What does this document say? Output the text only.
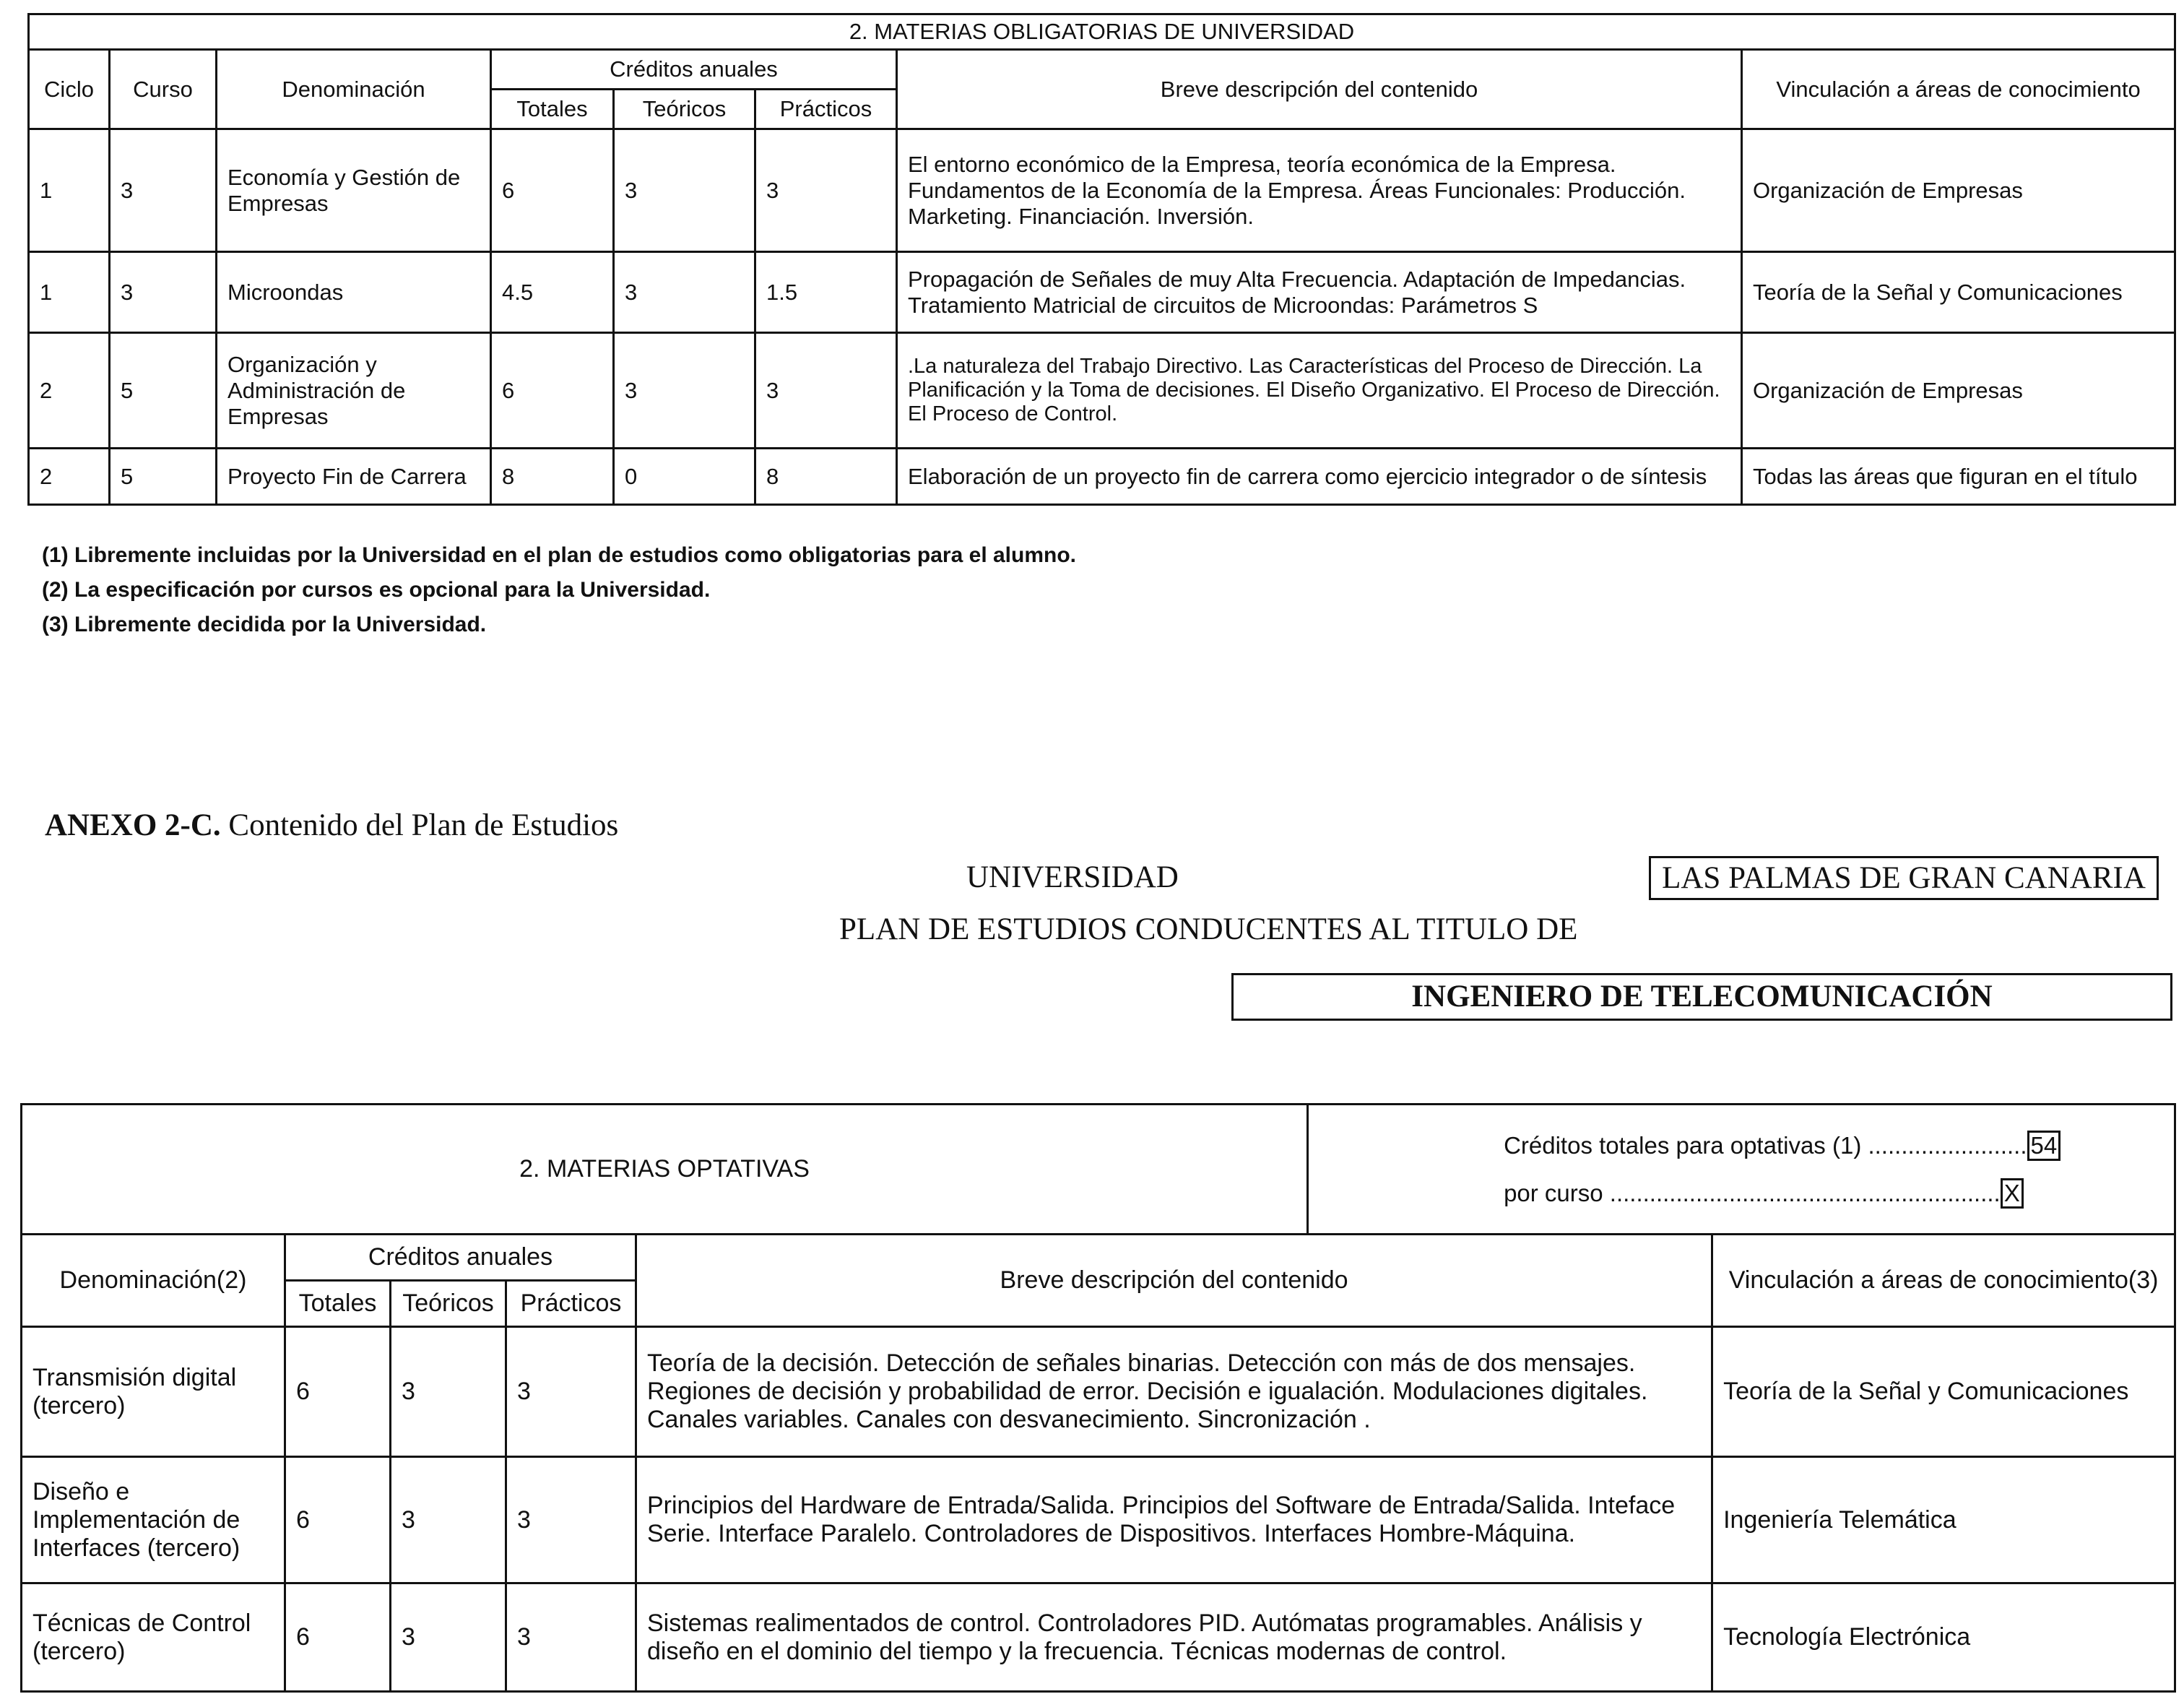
2. MATERIAS OBLIGATORIAS DE UNIVERSIDAD							
Ciclo	Curso	Denominación	Créditos anuales			Breve descripción del contenido	Vinculación a áreas de conocimiento
			Totales	Teóricos	Prácticos		
1	3	Economía y Gestión de Empresas	6	3	3	El entorno económico de la Empresa, teoría económica de la Empresa. Fundamentos de la Economía de la Empresa. Áreas Funcionales: Producción. Marketing. Financiación. Inversión.	Organización de Empresas
1	3	Microondas	4.5	3	1.5	Propagación de Señales de muy Alta Frecuencia. Adaptación de Impedancias. Tratamiento Matricial de circuitos de Microondas: Parámetros S	Teoría de la Señal y Comunicaciones
2	5	Organización y Administración de Empresas	6	3	3	.La naturaleza del Trabajo Directivo. Las Características del Proceso de Dirección. La Planificación y la Toma de decisiones. El Diseño Organizativo. El Proceso de Dirección. El Proceso de Control.	Organización de Empresas
2	5	Proyecto Fin de Carrera	8	0	8	Elaboración de un proyecto fin de carrera como ejercicio integrador o de síntesis	Todas las áreas que figuran en el título
(1) Libremente incluidas por la Universidad en el plan de estudios como obligatorias para el alumno.
(2) La especificación por cursos es opcional para la Universidad.
(3) Libremente decidida por la Universidad.
ANEXO 2-C. Contenido del Plan de Estudios
UNIVERSIDAD	LAS PALMAS DE GRAN CANARIA
PLAN DE ESTUDIOS CONDUCENTES AL TITULO DE
INGENIERO DE TELECOMUNICACIÓN
2. MATERIAS OPTATIVAS					Créditos totales para optativas (1) ........................ 54
por curso ........................................................... X	

Denominación(2)	Créditos anuales			Breve descripción del contenido		Vinculación a áreas de conocimiento(3)
	Totales	Teóricos	Prácticos			
Transmisión digital (tercero)	6	3	3	Teoría de la decisión. Detección de señales binarias. Detección con más de dos mensajes. Regiones de decisión y probabilidad de error. Decisión e igualación. Modulaciones digitales. Canales variables. Canales con desvanecimiento. Sincronización .		Teoría de la Señal y Comunicaciones
Diseño e Implementación de Interfaces (tercero)	6	3	3	Principios del Hardware de Entrada/Salida. Principios del Software de Entrada/Salida. Inteface Serie. Interface Paralelo. Controladores de Dispositivos. Interfaces Hombre-Máquina.		Ingeniería Telemática
Técnicas de Control (tercero)	6	3	3	Sistemas realimentados de control. Controladores PID. Autómatas programables. Análisis y diseño en el dominio del tiempo y la frecuencia. Técnicas modernas de control.		Tecnología Electrónica
